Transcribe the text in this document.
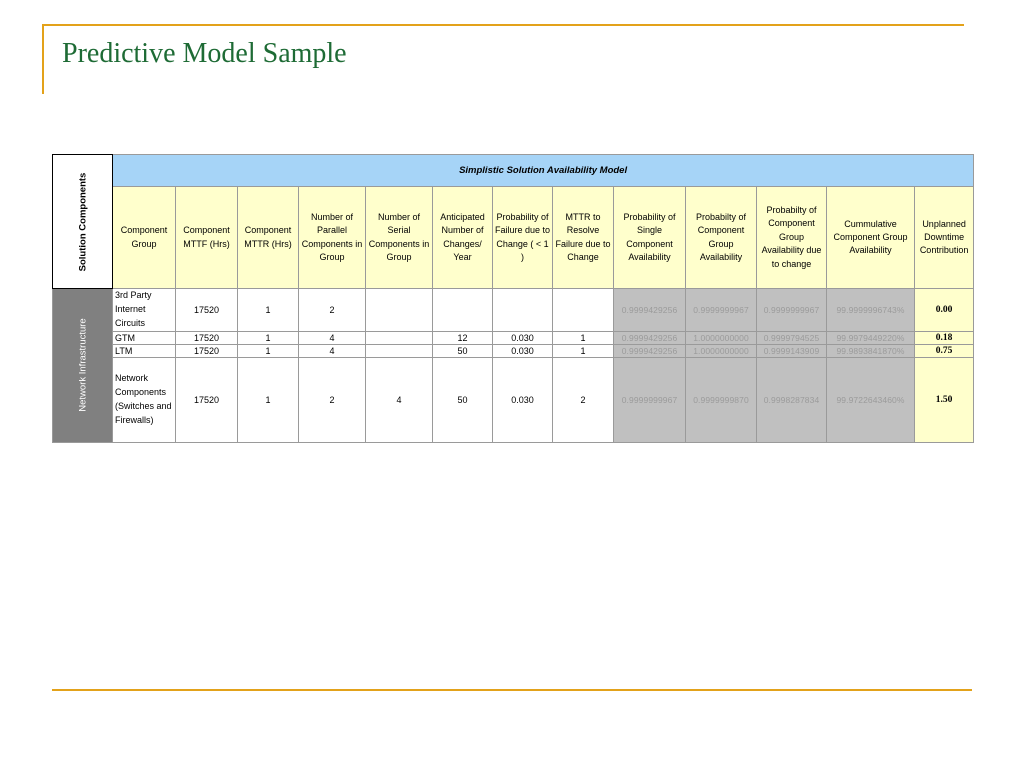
Predictive Model Sample
Solution Components	Simplistic Solution Availability Model												
	Component Group	Component MTTF (Hrs)	Component MTTR (Hrs)	Number of Parallel Components in Group	Number of Serial Components in Group	Anticipated Number of Changes/ Year	Probability of Failure due to Change ( < 1 )	MTTR to Resolve Failure due to Change	Probability of Single Component Availability	Probabilty of Component Group Availability	Probabilty of Component Group Availability due to change	Cummulative Component Group Availability	Unplanned Downtime Contribution

Network Infrastructure	3rd Party Internet Circuits	17520	1	2					0.9999429256	0.9999999967	0.9999999967	99.9999996743%	0.00
	GTM	17520	1	4		12	0.030	1	0.9999429256	1.0000000000	0.9999794525	99.9979449220%	0.18
	LTM	17520	1	4		50	0.030	1	0.9999429256	1.0000000000	0.9999143909	99.9893841870%	0.75
	Network Components (Switches and Firewalls)	17520	1	2	4	50	0.030	2	0.9999999967	0.9999999870	0.9998287834	99.9722643460%	1.50
